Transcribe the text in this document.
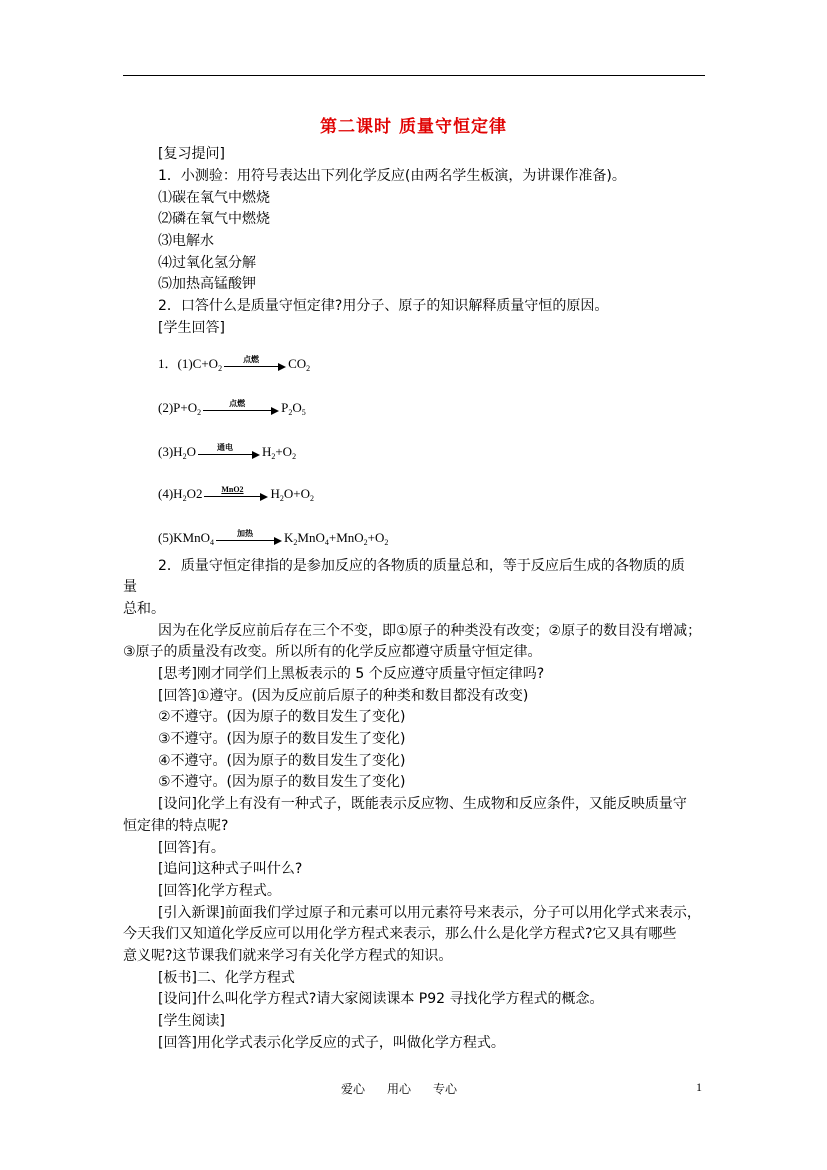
第二课时 质量守恒定律
[复习提问]
1．小测验：用符号表达出下列化学反应(由两名学生板演，为讲课作准备)。
⑴碳在氧气中燃烧
⑵磷在氧气中燃烧
⑶电解水
⑷过氧化氢分解
⑸加热高锰酸钾
2．口答什么是质量守恒定律?用分子、原子的知识解释质量守恒的原因。
[学生回答]
1．$(1)C+O_2$
点燃	$CO_2$
$(2)P+O_2$
点燃	$P_2O_5$
$(3)H_2O$	通电	$H_2+O_2$
$(4)H_2O2$	MnO2	$H_2O+O_2$
(5)KMnO$_4$
加热	$K_2MnO_4+MnO_2+O_2$
2．质量守恒定律指的是参加反应的各物质的质量总和，等于反应后生成的各物质的质
量
总和。
因为在化学反应前后存在三个不变，即①原子的种类没有改变；②原子的数目没有增减；
③原子的质量没有改变。所以所有的化学反应都遵守质量守恒定律。
[思考]刚才同学们上黑板表示的 5 个反应遵守质量守恒定律吗?
[回答]①遵守。(因为反应前后原子的种类和数目都没有改变)
②不遵守。(因为原子的数目发生了变化)
③不遵守。(因为原子的数目发生了变化)
④不遵守。(因为原子的数目发生了变化)
⑤不遵守。(因为原子的数目发生了变化)
[设问]化学上有没有一种式子，既能表示反应物、生成物和反应条件，又能反映质量守
恒定律的特点呢?
[回答]有。
[追问]这种式子叫什么?
[回答]化学方程式。
[引入新课]前面我们学过原子和元素可以用元素符号来表示，分子可以用化学式来表示，
今天我们又知道化学反应可以用化学方程式来表示，那么什么是化学方程式?它又具有哪些
意义呢?这节课我们就来学习有关化学方程式的知识。
[板书]二、化学方程式
[设问]什么叫化学方程式?请大家阅读课本 P92 寻找化学方程式的概念。
[学生阅读]
[回答]用化学式表示化学反应的式子，叫做化学方程式。
爱心 用心 专心	1
